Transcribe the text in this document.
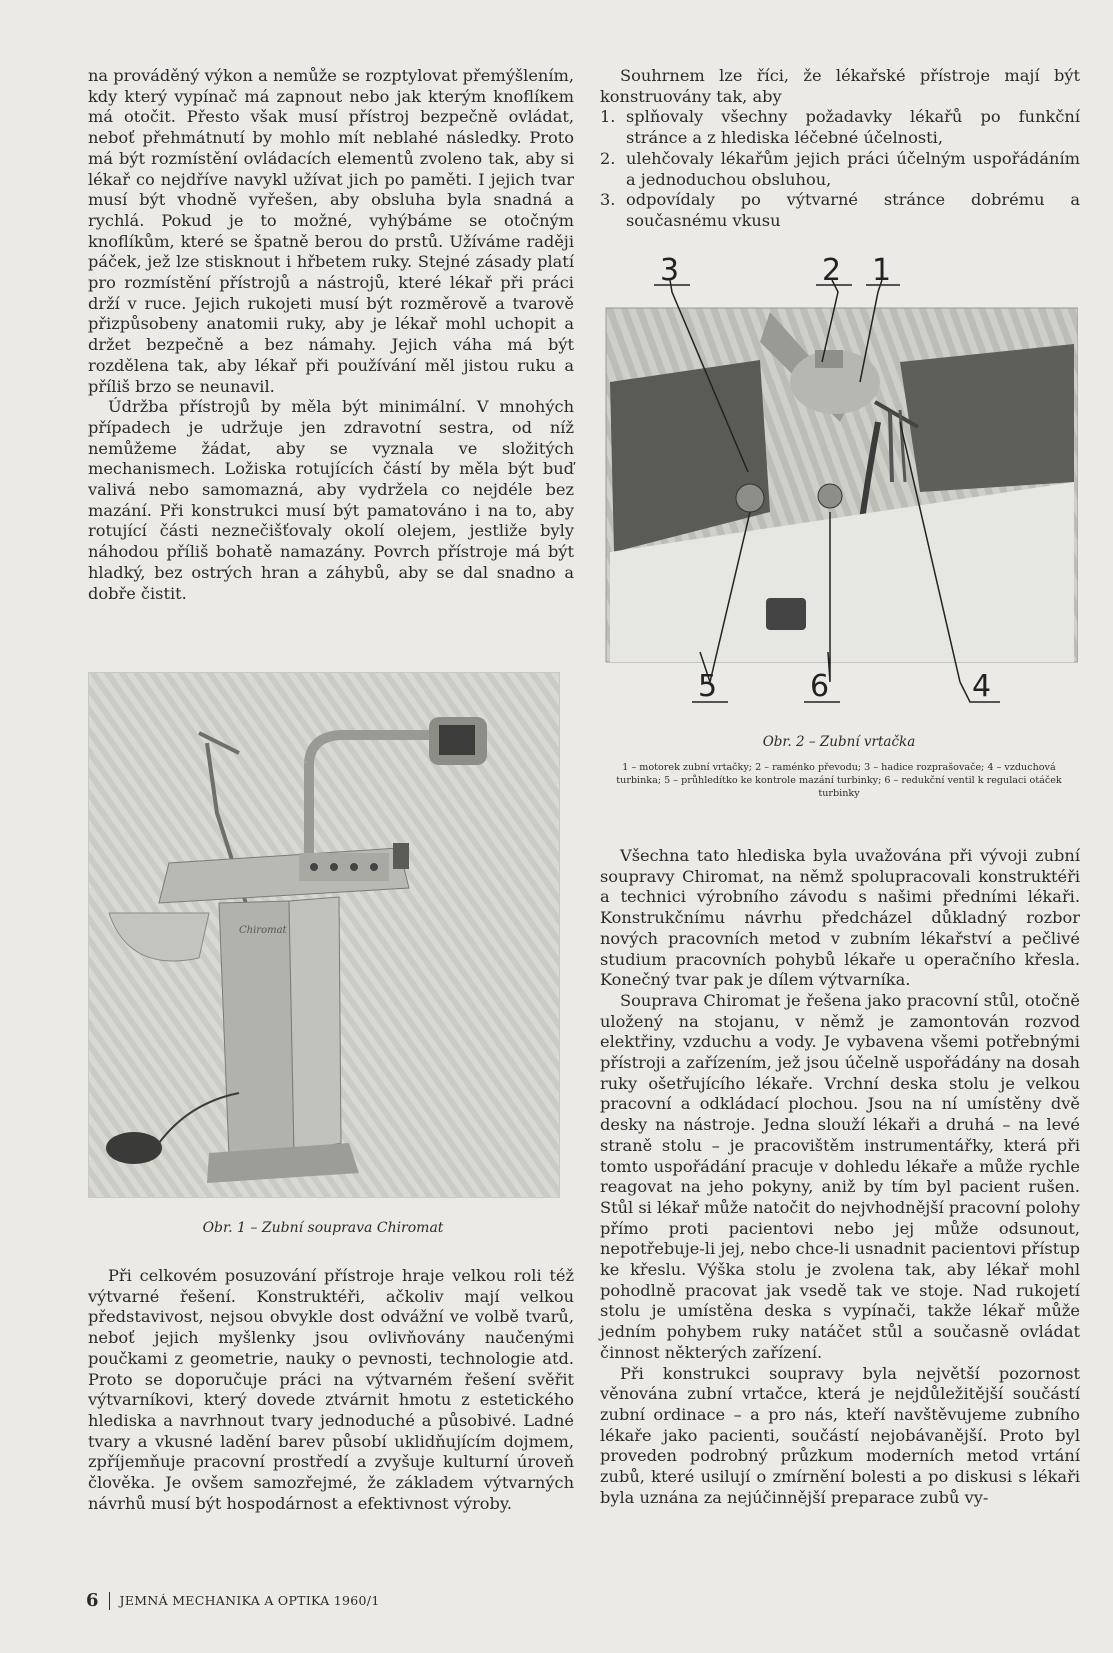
na prováděný výkon a nemůže se rozptylovat přemýšlením, kdy který vypínač má zapnout nebo jak kterým knoflíkem má otočit. Přesto však musí přístroj bezpečně ovládat, neboť přehmátnutí by mohlo mít neblahé následky. Proto má být rozmístění ovládacích elementů zvoleno tak, aby si lékař co nejdříve navykl užívat jich po paměti. I jejich tvar musí být vhodně vyřešen, aby obsluha byla snadná a rychlá. Pokud je to možné, vyhýbáme se otočným knoflíkům, které se špatně berou do prstů. Užíváme raději páček, jež lze stisknout i hřbetem ruky. Stejné zásady platí pro rozmístění přístrojů a nástrojů, které lékař při práci drží v ruce. Jejich rukojeti musí být rozměrově a tvarově přizpůsobeny anatomii ruky, aby je lékař mohl uchopit a držet bezpečně a bez námahy. Jejich váha má být rozdělena tak, aby lékař při používání měl jistou ruku a příliš brzo se neunavil.

Údržba přístrojů by měla být minimální. V mnohých případech je udržuje jen zdravotní sestra, od níž nemůžeme žádat, aby se vyznala ve složitých mechanismech. Ložiska rotujících částí by měla být buď valivá nebo samomazná, aby vydržela co nejdéle bez mazání. Při konstrukci musí být pamatováno i na to, aby rotující části neznečišťovaly okolí olejem, jestliže byly náhodou příliš bohatě namazány. Povrch přístroje má být hladký, bez ostrých hran a záhybů, aby se dal snadno a dobře čistit.

Chiromat
Obr. 1 – Zubní souprava Chiromat

Při celkovém posuzování přístroje hraje velkou roli též výtvarné řešení. Konstruktéři, ačkoliv mají velkou představivost, nejsou obvykle dost odvážní ve volbě tvarů, neboť jejich myšlenky jsou ovlivňovány naučenými poučkami z geometrie, nauky o pevnosti, technologie atd. Proto se doporučuje práci na výtvarném řešení svěřit výtvarníkovi, který dovede ztvárnit hmotu z estetického hlediska a navrhnout tvary jednoduché a působivé. Ladné tvary a vkusné ladění barev působí uklidňujícím dojmem, zpříjemňuje pracovní prostředí a zvyšuje kulturní úroveň člověka. Je ovšem samozřejmé, že základem výtvarných návrhů musí být hospodárnost a efektivnost výroby.

Souhrnem lze říci, že lékařské přístroje mají být konstruovány tak, aby

1. splňovaly všechny požadavky lékařů po funkční stránce a z hlediska léčebné účelnosti,
2. ulehčovaly lékařům jejich práci účelným uspořádáním a jednoduchou obsluhou,
3. odpovídaly po výtvarné stránce dobrému a současnému vkusu
3	2 1
5	6	4
Obr. 2 – Zubní vrtačka
1 – motorek zubní vrtačky; 2 – raménko převodu; 3 – hadice rozprašovače; 4 – vzduchová turbinka; 5 – průhledítko ke kontrole mazání turbinky; 6 – redukční ventil k regulaci otáček turbinky

Všechna tato hlediska byla uvažována při vývoji zubní soupravy Chiromat, na němž spolupracovali konstruktéři a technici výrobního závodu s našimi předními lékaři. Konstrukčnímu návrhu předcházel důkladný rozbor nových pracovních metod v zubním lékařství a pečlivé studium pracovních pohybů lékaře u operačního křesla. Konečný tvar pak je dílem výtvarníka.

Souprava Chiromat je řešena jako pracovní stůl, otočně uložený na stojanu, v němž je zamontován rozvod elektřiny, vzduchu a vody. Je vybavena všemi potřebnými přístroji a zařízením, jež jsou účelně uspořádány na dosah ruky ošetřujícího lékaře. Vrchní deska stolu je velkou pracovní a odkládací plochou. Jsou na ní umístěny dvě desky na nástroje. Jedna slouží lékaři a druhá – na levé straně stolu – je pracovištěm instrumentářky, která při tomto uspořádání pracuje v dohledu lékaře a může rychle reagovat na jeho pokyny, aniž by tím byl pacient rušen. Stůl si lékař může natočit do nejvhodnější pracovní polohy přímo proti pacientovi nebo jej může odsunout, nepotřebuje-li jej, nebo chce-li usnadnit pacientovi přístup ke křeslu. Výška stolu je zvolena tak, aby lékař mohl pohodlně pracovat jak vsedě tak ve stoje. Nad rukojetí stolu je umístěna deska s vypínači, takže lékař může jedním pohybem ruky natáčet stůl a současně ovládat činnost některých zařízení.

Při konstrukci soupravy byla největší pozornost věnována zubní vrtačce, která je nejdůležitější součástí zubní ordinace – a pro nás, kteří navštěvujeme zubního lékaře jako pacienti, součástí nejobávanější. Proto byl proveden podrobný průzkum moderních metod vrtání zubů, které usilují o zmírnění bolesti a po diskusi s lékaři byla uznána za nejúčinnější preparace zubů vy-

6 JEMNÁ MECHANIKA A OPTIKA 1960/1
